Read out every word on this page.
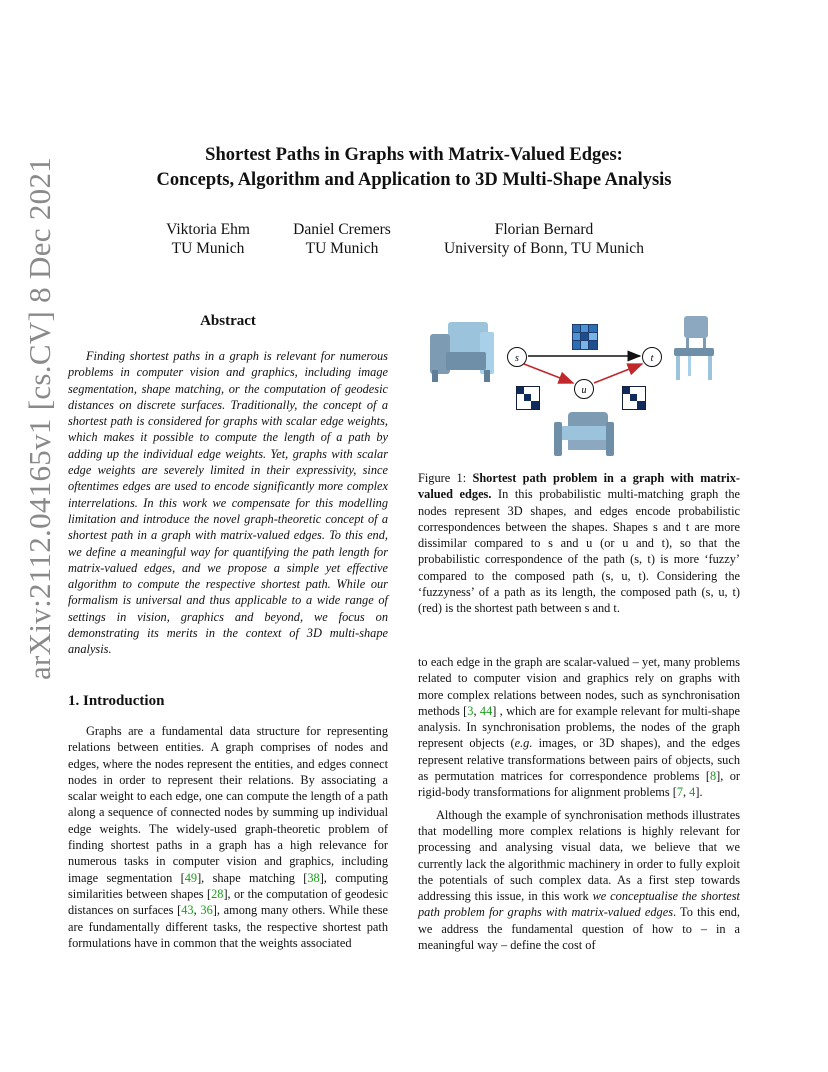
arXiv:2112.04165v1 [cs.CV] 8 Dec 2021
Shortest Paths in Graphs with Matrix-Valued Edges:
Concepts, Algorithm and Application to 3D Multi-Shape Analysis
Viktoria Ehm
TU Munich
Daniel Cremers
TU Munich
Florian Bernard
University of Bonn, TU Munich
Abstract
Finding shortest paths in a graph is relevant for numerous problems in computer vision and graphics, including image segmentation, shape matching, or the computation of geodesic distances on discrete surfaces. Traditionally, the concept of a shortest path is considered for graphs with scalar edge weights, which makes it possible to compute the length of a path by adding up the individual edge weights. Yet, graphs with scalar edge weights are severely limited in their expressivity, since oftentimes edges are used to encode significantly more complex interrelations. In this work we compensate for this modelling limitation and introduce the novel graph-theoretic concept of a shortest path in a graph with matrix-valued edges. To this end, we define a meaningful way for quantifying the path length for matrix-valued edges, and we propose a simple yet effective algorithm to compute the respective shortest path. While our formalism is universal and thus applicable to a wide range of settings in vision, graphics and beyond, we focus on demonstrating its merits in the context of 3D multi-shape analysis.
1. Introduction

Graphs are a fundamental data structure for representing relations between entities. A graph comprises of nodes and edges, where the nodes represent the entities, and edges connect nodes in order to represent their relations. By associating a scalar weight to each edge, one can compute the length of a path along a sequence of connected nodes by summing up individual edge weights. The widely-used graph-theoretic problem of finding shortest paths in a graph has a high relevance for numerous tasks in computer vision and graphics, including image segmentation [49], shape matching [38], computing similarities between shapes [28], or the computation of geodesic distances on surfaces [43, 36], among many others. While these are fundamentally different tasks, the respective shortest path formulations have in common that the weights associated

s	t
u
Figure 1: Shortest path problem in a graph with matrix-valued edges. In this probabilistic multi-matching graph the nodes represent 3D shapes, and edges encode probabilistic correspondences between the shapes. Shapes s and t are more dissimilar compared to s and u (or u and t), so that the probabilistic correspondence of the path (s, t) is more ‘fuzzy’ compared to the composed path (s, u, t). Considering the ‘fuzzyness’ of a path as its length, the composed path (s, u, t) (red) is the shortest path between s and t.

to each edge in the graph are scalar-valued – yet, many problems related to computer vision and graphics rely on graphs with more complex relations between nodes, such as synchronisation methods [3, 44] , which are for example relevant for multi-shape analysis. In synchronisation problems, the nodes of the graph represent objects (e.g. images, or 3D shapes), and the edges represent relative transformations between pairs of objects, such as permutation matrices for correspondence problems [8], or rigid-body transformations for alignment problems [7, 4].

Although the example of synchronisation methods illustrates that modelling more complex relations is highly relevant for processing and analysing visual data, we believe that we currently lack the algorithmic machinery in order to fully exploit the potentials of such complex data. As a first step towards addressing this issue, in this work we conceptualise the shortest path problem for graphs with matrix-valued edges. To this end, we address the fundamental question of how to – in a meaningful way – define the cost of
